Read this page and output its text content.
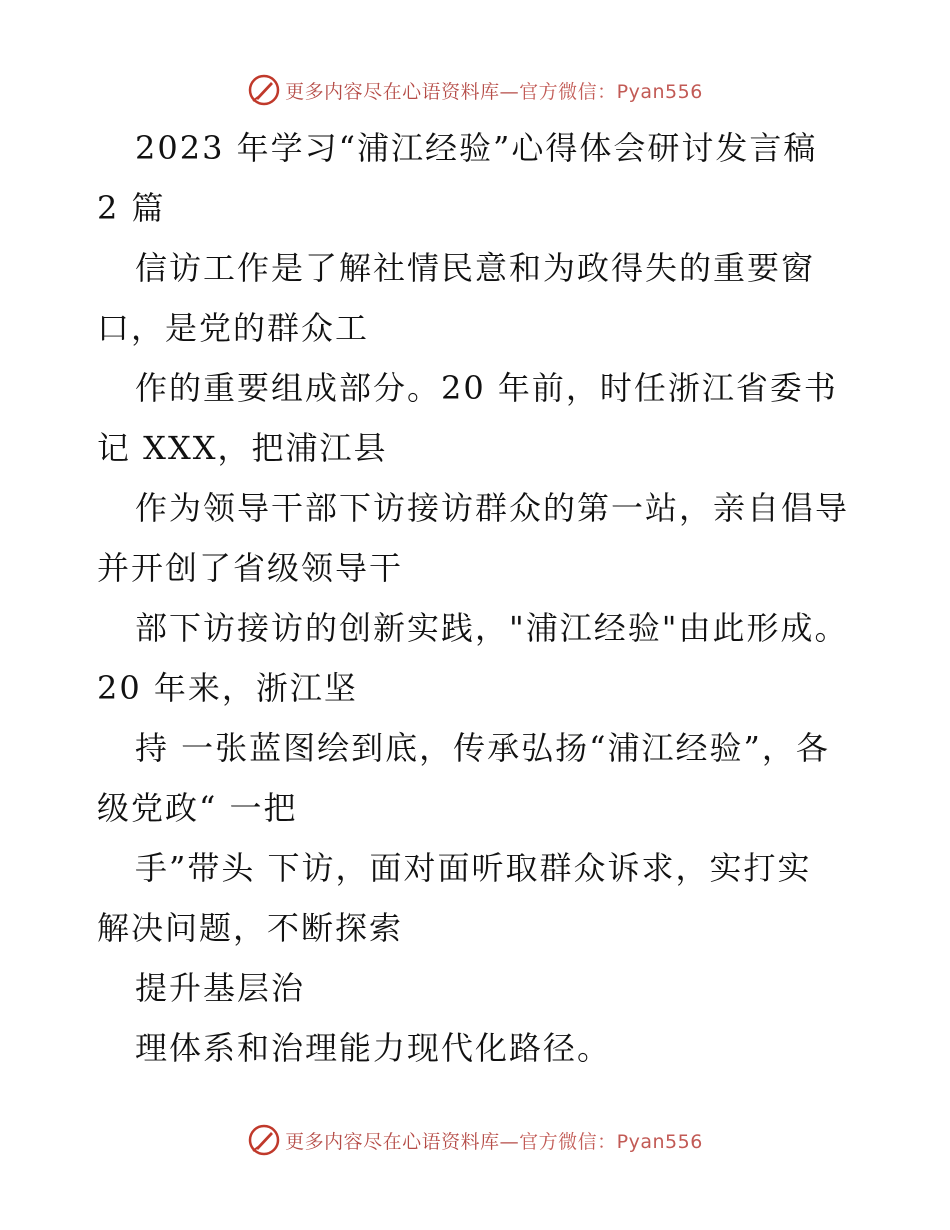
更多内容尽在心语资料库—官方微信：Pyan556
2023 年学习“浦江经验”心得体会研讨发言稿
2 篇
信访工作是了解社情民意和为政得失的重要窗
口，是党的群众工
作的重要组成部分。20 年前，时任浙江省委书
记 XXX，把浦江县
作为领导干部下访接访群众的第一站，亲自倡导
并开创了省级领导干
部下访接访的创新实践，"浦江经验"由此形成。
20 年来，浙江坚
持 一张蓝图绘到底，传承弘扬“浦江经验”，各
级党政“ 一把
手”带头 下访，面对面听取群众诉求，实打实
解决问题，不断探索
提升基层治
理体系和治理能力现代化路径。
更多内容尽在心语资料库—官方微信：Pyan556
